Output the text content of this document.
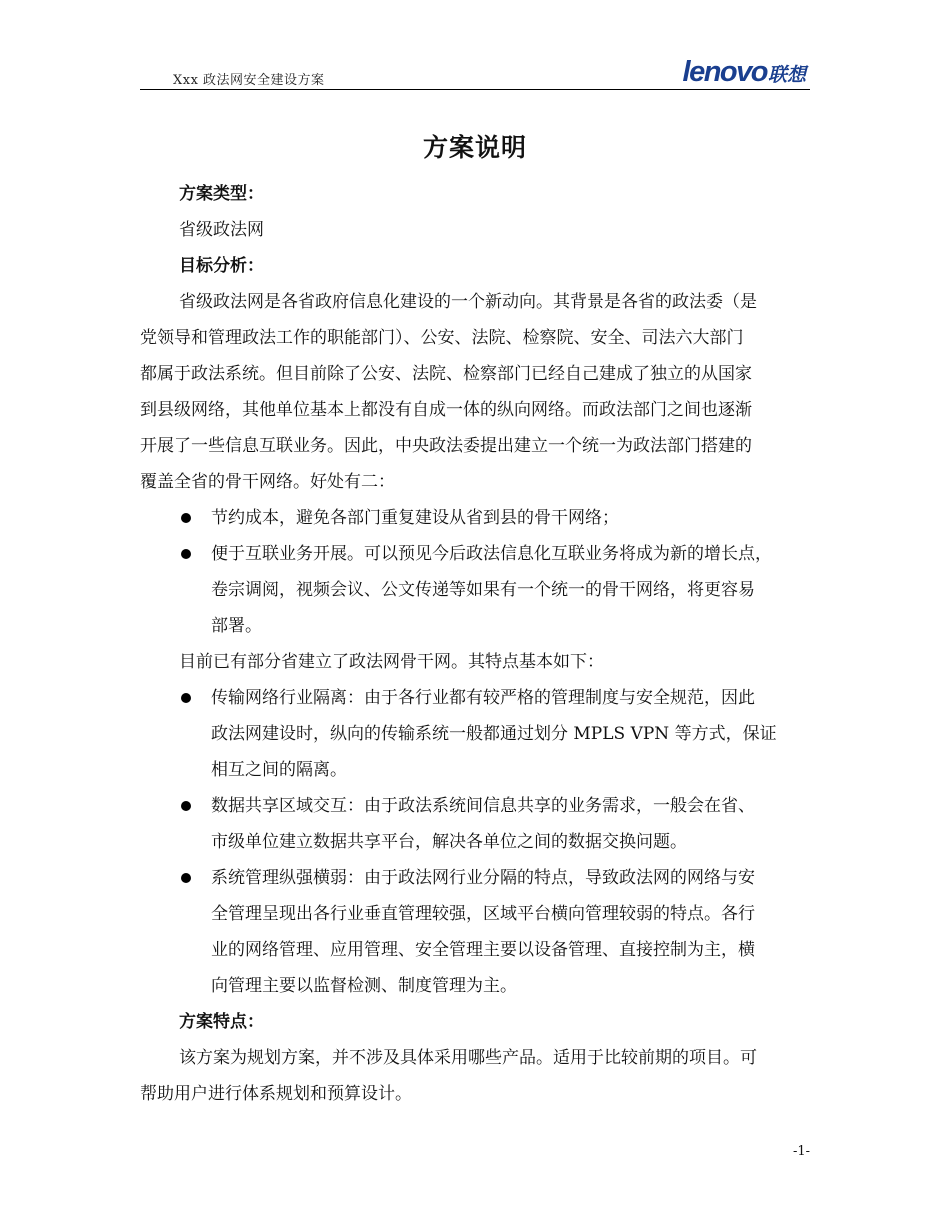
Xxx 政法网安全建设方案	lenovo 联想
方案说明
方案类型：
省级政法网
目标分析：
省级政法网是各省政府信息化建设的一个新动向。其背景是各省的政法委（是
党领导和管理政法工作的职能部门）、公安、法院、检察院、安全、司法六大部门
都属于政法系统。但目前除了公安、法院、检察部门已经自己建成了独立的从国家
到县级网络，其他单位基本上都没有自成一体的纵向网络。而政法部门之间也逐渐
开展了一些信息互联业务。因此，中央政法委提出建立一个统一为政法部门搭建的
覆盖全省的骨干网络。好处有二：
节约成本，避免各部门重复建设从省到县的骨干网络；
便于互联业务开展。可以预见今后政法信息化互联业务将成为新的增长点，
卷宗调阅，视频会议、公文传递等如果有一个统一的骨干网络，将更容易
部署。
目前已有部分省建立了政法网骨干网。其特点基本如下：
传输网络行业隔离：由于各行业都有较严格的管理制度与安全规范，因此
政法网建设时，纵向的传输系统一般都通过划分 MPLS VPN 等方式，保证
相互之间的隔离。
数据共享区域交互：由于政法系统间信息共享的业务需求，一般会在省、
市级单位建立数据共享平台，解决各单位之间的数据交换问题。
系统管理纵强横弱：由于政法网行业分隔的特点，导致政法网的网络与安
全管理呈现出各行业垂直管理较强，区域平台横向管理较弱的特点。各行
业的网络管理、应用管理、安全管理主要以设备管理、直接控制为主，横
向管理主要以监督检测、制度管理为主。
方案特点：
该方案为规划方案，并不涉及具体采用哪些产品。适用于比较前期的项目。可
帮助用户进行体系规划和预算设计。
-1-
